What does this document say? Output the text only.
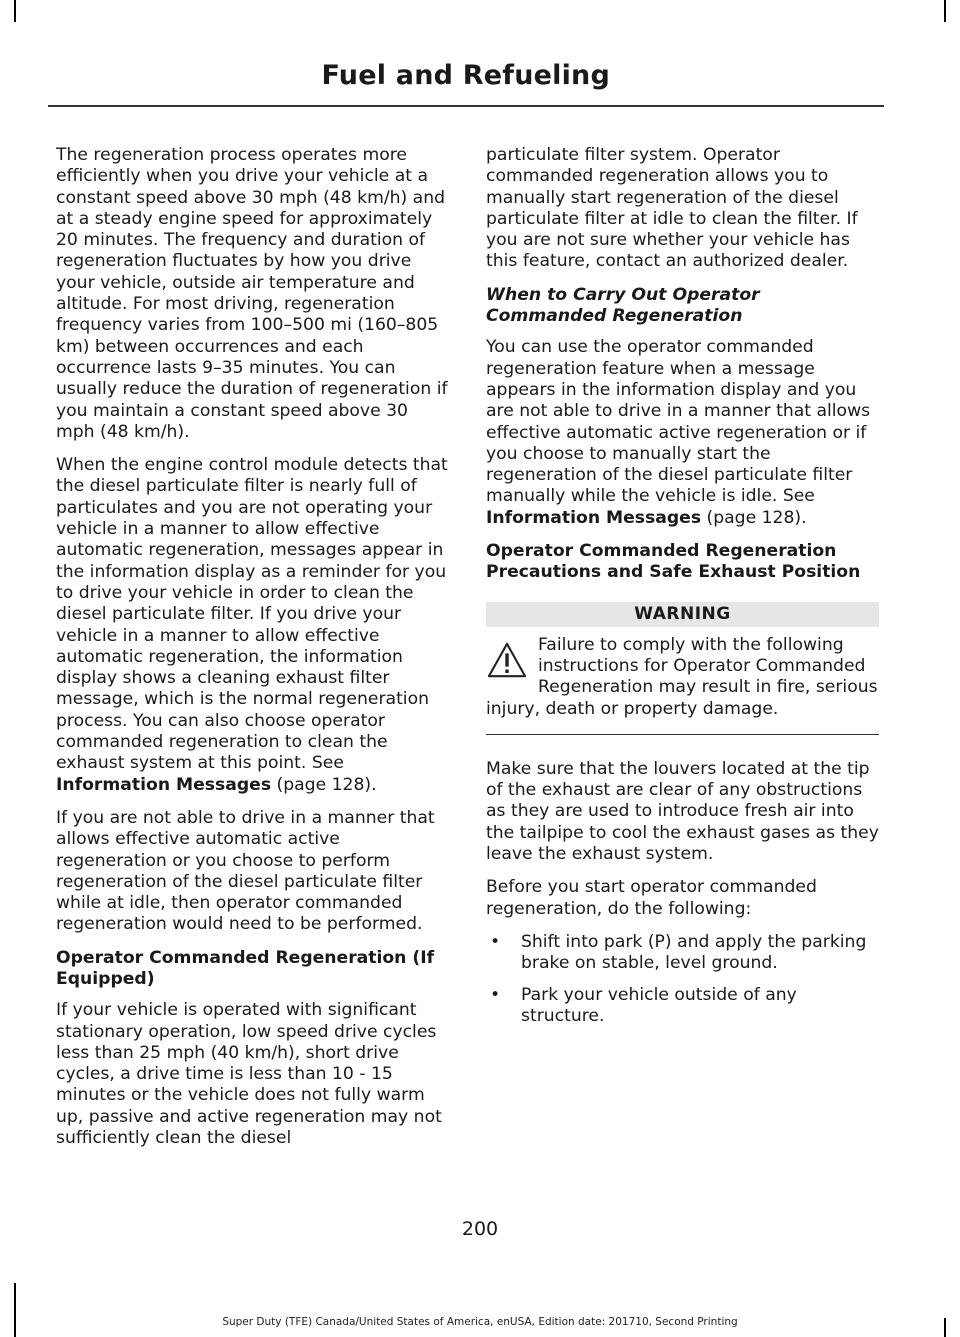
Fuel and Refueling

The regeneration process operates more efficiently when you drive your vehicle at a constant speed above 30 mph (48 km/h) and at a steady engine speed for approximately 20 minutes. The frequency and duration of regeneration fluctuates by how you drive your vehicle, outside air temperature and altitude. For most driving, regeneration frequency varies from 100–500 mi (160–805 km) between occurrences and each occurrence lasts 9–35 minutes. You can usually reduce the duration of regeneration if you maintain a constant speed above 30 mph (48 km/h).

When the engine control module detects that the diesel particulate filter is nearly full of particulates and you are not operating your vehicle in a manner to allow effective automatic regeneration, messages appear in the information display as a reminder for you to drive your vehicle in order to clean the diesel particulate filter. If you drive your vehicle in a manner to allow effective automatic regeneration, the information display shows a cleaning exhaust filter message, which is the normal regeneration process. You can also choose operator commanded regeneration to clean the exhaust system at this point. See Information Messages (page 128).

If you are not able to drive in a manner that allows effective automatic active regeneration or you choose to perform regeneration of the diesel particulate filter while at idle, then operator commanded regeneration would need to be performed.

Operator Commanded Regeneration (If Equipped)

If your vehicle is operated with significant stationary operation, low speed drive cycles less than 25 mph (40 km/h), short drive cycles, a drive time is less than 10 - 15 minutes or the vehicle does not fully warm up, passive and active regeneration may not sufficiently clean the diesel

particulate filter system. Operator commanded regeneration allows you to manually start regeneration of the diesel particulate filter at idle to clean the filter. If you are not sure whether your vehicle has this feature, contact an authorized dealer.

When to Carry Out Operator Commanded Regeneration

You can use the operator commanded regeneration feature when a message appears in the information display and you are not able to drive in a manner that allows effective automatic active regeneration or if you choose to manually start the regeneration of the diesel particulate filter manually while the vehicle is idle. See Information Messages (page 128).

Operator Commanded Regeneration Precautions and Safe Exhaust Position
WARNING
Failure to comply with the following instructions for Operator Commanded Regeneration may result in fire, serious injury, death or property damage.

Make sure that the louvers located at the tip of the exhaust are clear of any obstructions as they are used to introduce fresh air into the tailpipe to cool the exhaust gases as they leave the exhaust system.

Before you start operator commanded regeneration, do the following:

• Shift into park (P) and apply the parking brake on stable, level ground.
• Park your vehicle outside of any structure.
200
Super Duty (TFE) Canada/United States of America, enUSA, Edition date: 201710, Second Printing
